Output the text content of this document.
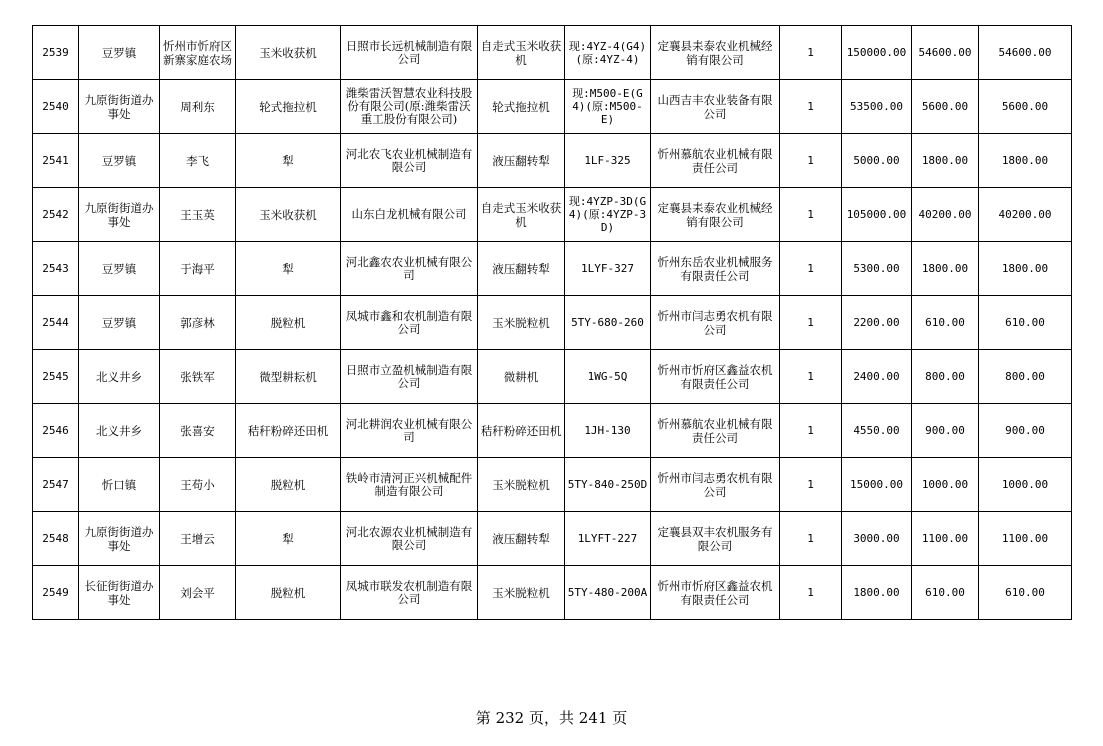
2539	豆罗镇	忻州市忻府区新寨家庭农场	玉米收获机	日照市长远机械制造有限公司	自走式玉米收获机	现:4YZ-4(G4)(原:4YZ-4)	定襄县耒泰农业机械经销有限公司	1	150000.00	54600.00	54600.00
2540	九原街街道办事处	周利东	轮式拖拉机	潍柴雷沃智慧农业科技股份有限公司(原:潍柴雷沃重工股份有限公司)	轮式拖拉机	现:M500-E(G4)(原:M500-E)	山西吉丰农业装备有限公司	1	53500.00	5600.00	5600.00
2541	豆罗镇	李飞	犁	河北农飞农业机械制造有限公司	液压翻转犁	1LF-325	忻州慕航农业机械有限责任公司	1	5000.00	1800.00	1800.00
2542	九原街街道办事处	王玉英	玉米收获机	山东白龙机械有限公司	自走式玉米收获机	现:4YZP-3D(G4)(原:4YZP-3D)	定襄县耒泰农业机械经销有限公司	1	105000.00	40200.00	40200.00
2543	豆罗镇	于海平	犁	河北鑫农农业机械有限公司	液压翻转犁	1LYF-327	忻州东岳农业机械服务有限责任公司	1	5300.00	1800.00	1800.00
2544	豆罗镇	郭彦林	脱粒机	凤城市鑫和农机制造有限公司	玉米脱粒机	5TY-680-260	忻州市闫志勇农机有限公司	1	2200.00	610.00	610.00
2545	北义井乡	张铁军	微型耕耘机	日照市立盈机械制造有限公司	微耕机	1WG-5Q	忻州市忻府区鑫益农机有限责任公司	1	2400.00	800.00	800.00
2546	北义井乡	张喜安	秸秆粉碎还田机	河北耕润农业机械有限公司	秸秆粉碎还田机	1JH-130	忻州慕航农业机械有限责任公司	1	4550.00	900.00	900.00
2547	忻口镇	王苟小	脱粒机	铁岭市清河正兴机械配件制造有限公司	玉米脱粒机	5TY-840-250D	忻州市闫志勇农机有限公司	1	15000.00	1000.00	1000.00
2548	九原街街道办事处	王增云	犁	河北农源农业机械制造有限公司	液压翻转犁	1LYFT-227	定襄县双丰农机服务有限公司	1	3000.00	1100.00	1100.00
2549	长征街街道办事处	刘会平	脱粒机	凤城市联发农机制造有限公司	玉米脱粒机	5TY-480-200A	忻州市忻府区鑫益农机有限责任公司	1	1800.00	610.00	610.00
第 232 页，共 241 页
